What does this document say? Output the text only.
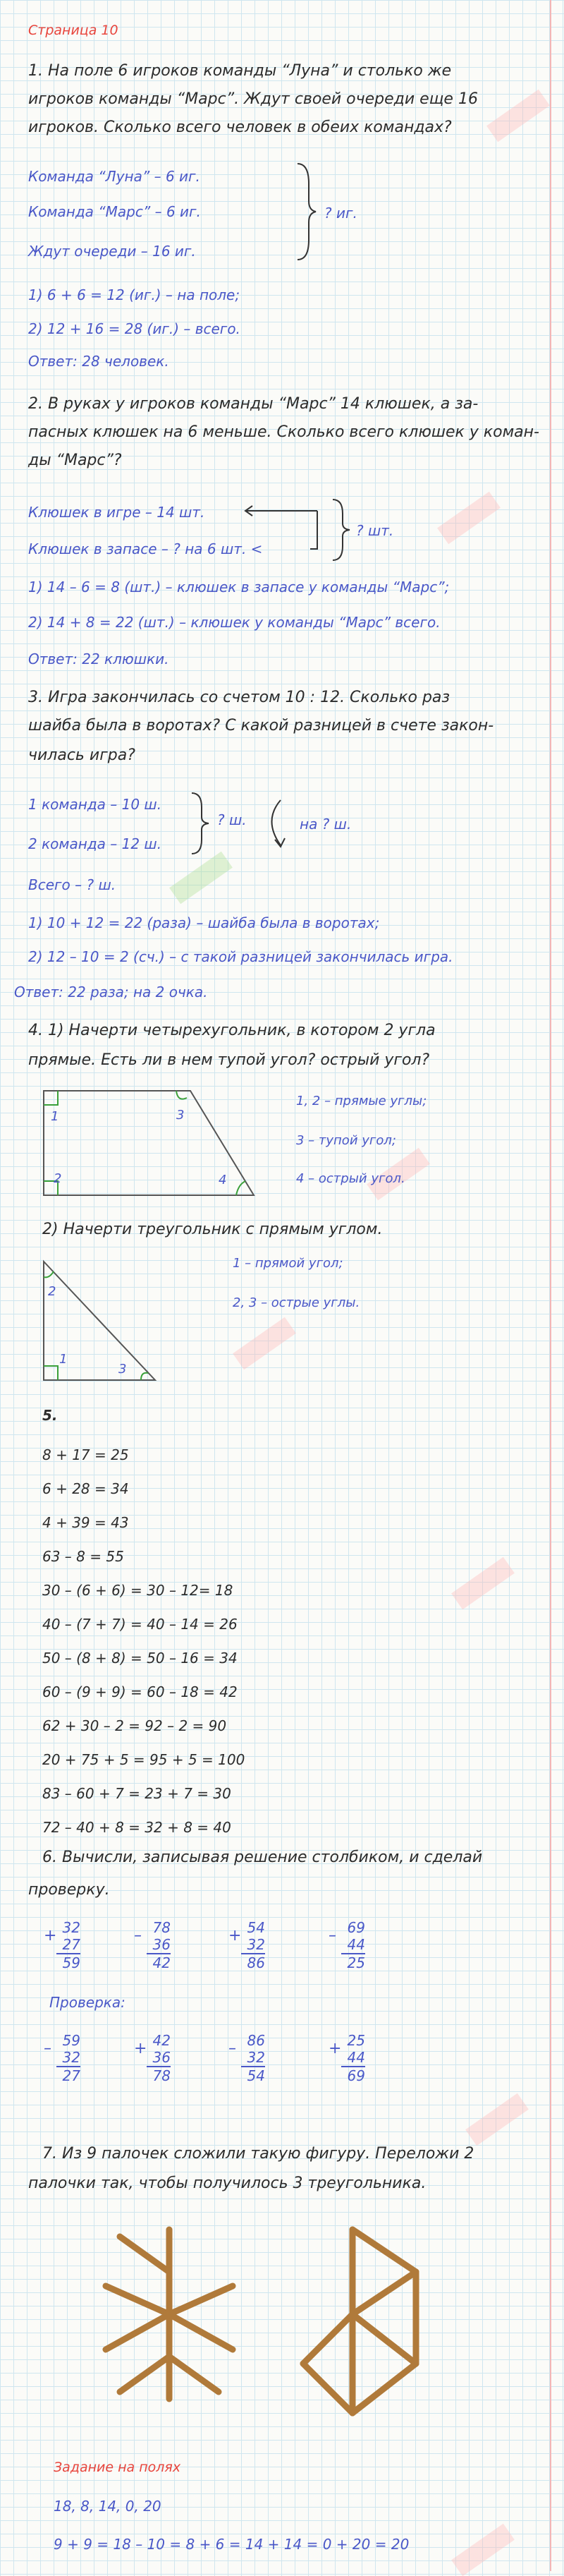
Страница 10
1. На поле 6 игроков команды “Луна” и столько же
игроков команды “Марс”. Ждут своей очереди еще 16
игроков. Сколько всего человек в обеих командах?
Команда “Луна” – 6 иг.
Команда “Марс” – 6 иг.
Ждут очереди – 16 иг.
? иг.
1) 6 + 6 = 12 (иг.) – на поле;
2) 12 + 16 = 28 (иг.) – всего.
Ответ: 28 человек.
2. В руках у игроков команды “Марс” 14 клюшек, а за-
пасных клюшек на 6 меньше. Сколько всего клюшек у коман-
ды “Марс”?
Клюшек в игре – 14 шт.
Клюшек в запасе – ? на 6 шт. <
? шт.
1) 14 – 6 = 8 (шт.) – клюшек в запасе у команды “Марс”;
2) 14 + 8 = 22 (шт.) – клюшек у команды “Марс” всего.
Ответ: 22 клюшки.
3. Игра закончилась со счетом 10 : 12. Сколько раз
шайба была в воротах? С какой разницей в счете закон-
чилась игра?
1 команда – 10 ш.
2 команда – 12 ш.
? ш.	на ? ш.
Всего – ? ш.
1) 10 + 12 = 22 (раза) – шайба была в воротах;
2) 12 – 10 = 2 (сч.) – с такой разницей закончилась игра.
Ответ: 22 раза; на 2 очка.
4. 1) Начерти четырехугольник, в котором 2 угла
прямые. Есть ли в нем тупой угол? острый угол?
1
2
3
4
1, 2 – прямые углы;
3 – тупой угол;
4 – острый угол.
2) Начерти треугольник с прямым углом.
2
1
3
1 – прямой угол;
2, 3 – острые углы.
5.
8 + 17 = 25
6 + 28 = 34
4 + 39 = 43
63 – 8 = 55
30 – (6 + 6) = 30 – 12= 18
40 – (7 + 7) = 40 – 14 = 26
50 – (8 + 8) = 50 – 16 = 34
60 – (9 + 9) = 60 – 18 = 42
62 + 30 – 2 = 92 – 2 = 90
20 + 75 + 5 = 95 + 5 = 100
83 – 60 + 7 = 23 + 7 = 30
72 – 40 + 8 = 32 + 8 = 40
6. Вычисли, записывая решение столбиком, и сделай
проверку.
+ 32
27
59
– 78
36
42
+ 54
32
86
– 69
44
25
Проверка:
– 59
32
27
+ 42
36
78
– 86
32
54
+ 25
44
69
7. Из 9 палочек сложили такую фигуру. Переложи 2
палочки так, чтобы получилось 3 треугольника.
Задание на полях
18, 8, 14, 0, 20
9 + 9 = 18 – 10 = 8 + 6 = 14 + 14 = 0 + 20 = 20
